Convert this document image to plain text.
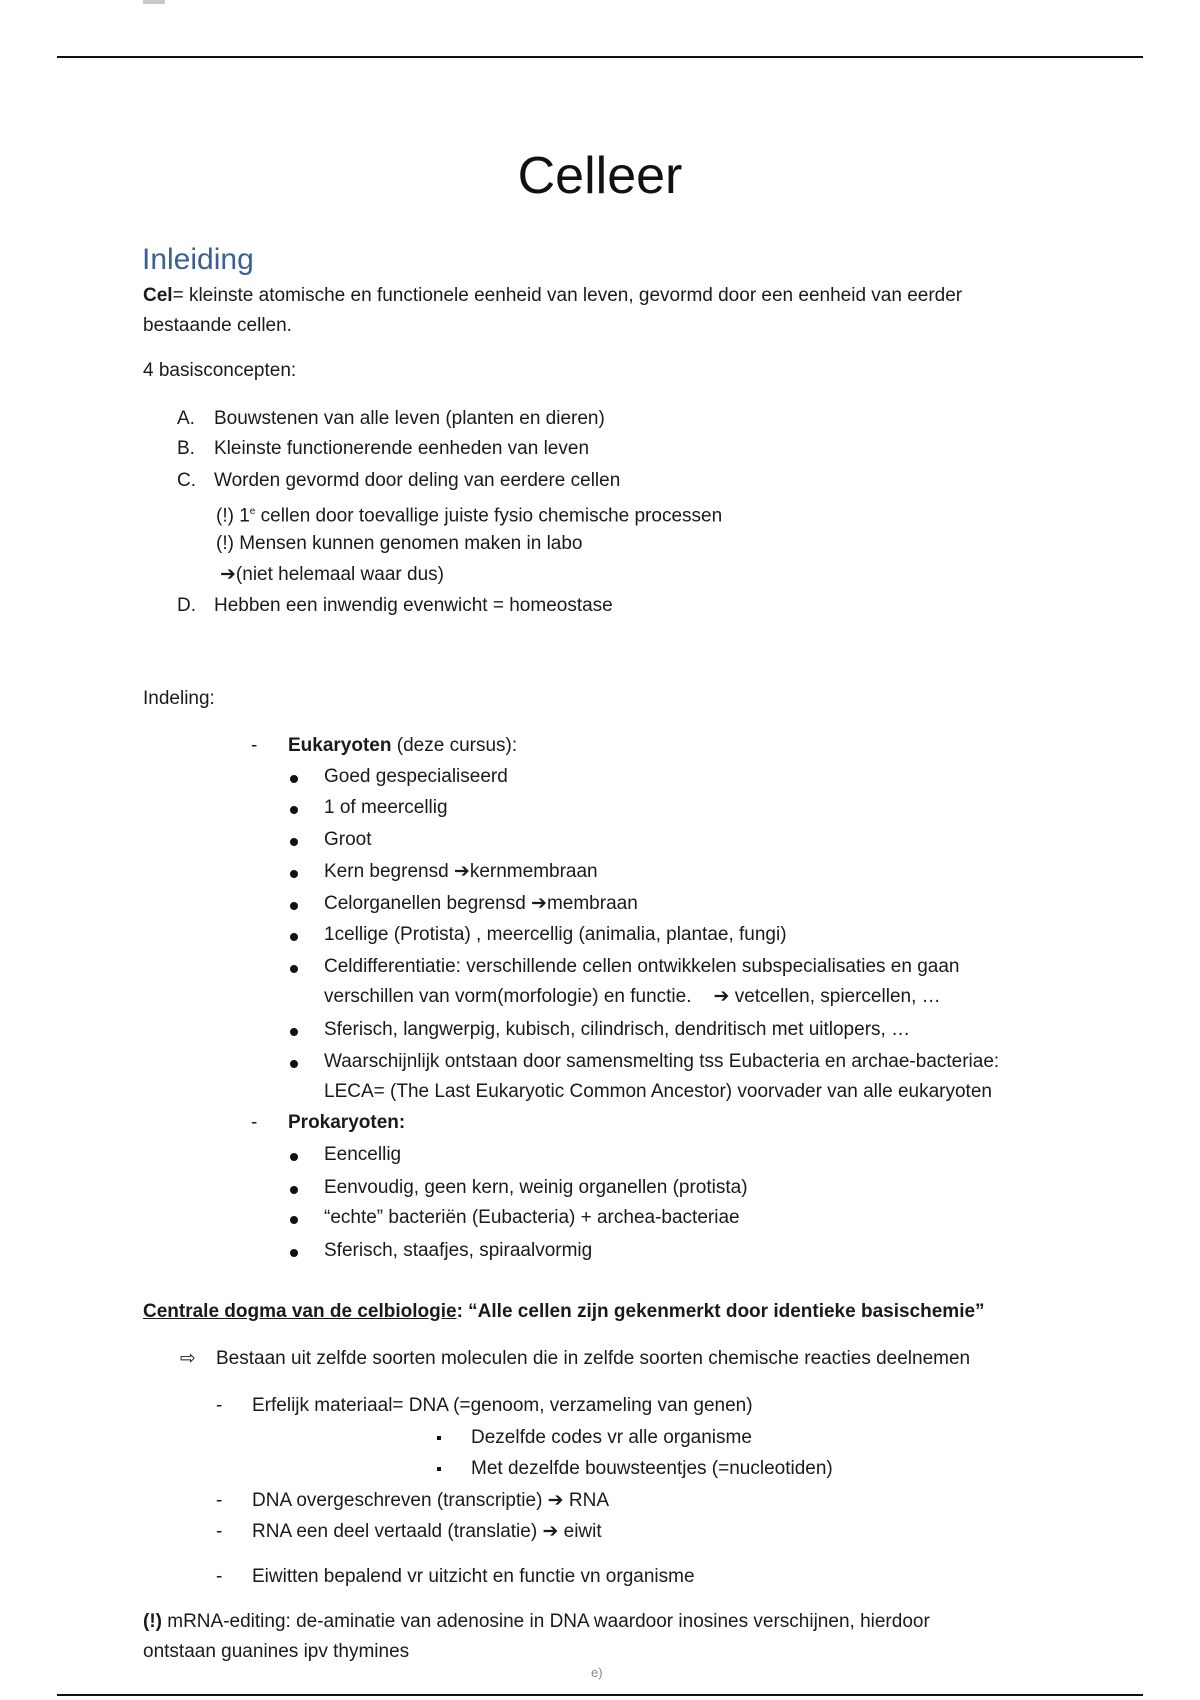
Celleer
Inleiding
Cel= kleinste atomische en functionele eenheid van leven, gevormd door een eenheid van eerder
bestaande cellen.
4 basisconcepten:
A. Bouwstenen van alle leven (planten en dieren)
B. Kleinste functionerende eenheden van leven
C. Worden gevormd door deling van eerdere cellen
(!) 1e cellen door toevallige juiste fysio chemische processen
(!) Mensen kunnen genomen maken in labo
➔(niet helemaal waar dus)
D. Hebben een inwendig evenwicht = homeostase
Indeling:
- Eukaryoten (deze cursus):
Goed gespecialiseerd
1 of meercellig
Groot
Kern begrensd ➔kernmembraan
Celorganellen begrensd ➔membraan
1cellige (Protista) , meercellig (animalia, plantae, fungi)
Celdifferentiatie: verschillende cellen ontwikkelen subspecialisaties en gaan
verschillen van vorm(morfologie) en functie. ➔ vetcellen, spiercellen, …
Sferisch, langwerpig, kubisch, cilindrisch, dendritisch met uitlopers, …
Waarschijnlijk ontstaan door samensmelting tss Eubacteria en archae-bacteriae:
LECA= (The Last Eukaryotic Common Ancestor) voorvader van alle eukaryoten
- Prokaryoten:
Eencellig
Eenvoudig, geen kern, weinig organellen (protista)
“echte” bacteriën (Eubacteria) + archea-bacteriae
Sferisch, staafjes, spiraalvormig
Centrale dogma van de celbiologie: “Alle cellen zijn gekenmerkt door identieke basischemie”
⇨ Bestaan uit zelfde soorten moleculen die in zelfde soorten chemische reacties deelnemen
- Erfelijk materiaal= DNA (=genoom, verzameling van genen)
Dezelfde codes vr alle organisme
Met dezelfde bouwsteentjes (=nucleotiden)
- DNA overgeschreven (transcriptie) ➔ RNA
- RNA een deel vertaald (translatie) ➔ eiwit
- Eiwitten bepalend vr uitzicht en functie vn organisme
(!) mRNA-editing: de-aminatie van adenosine in DNA waardoor inosines verschijnen, hierdoor
ontstaan guanines ipv thymines
e)
